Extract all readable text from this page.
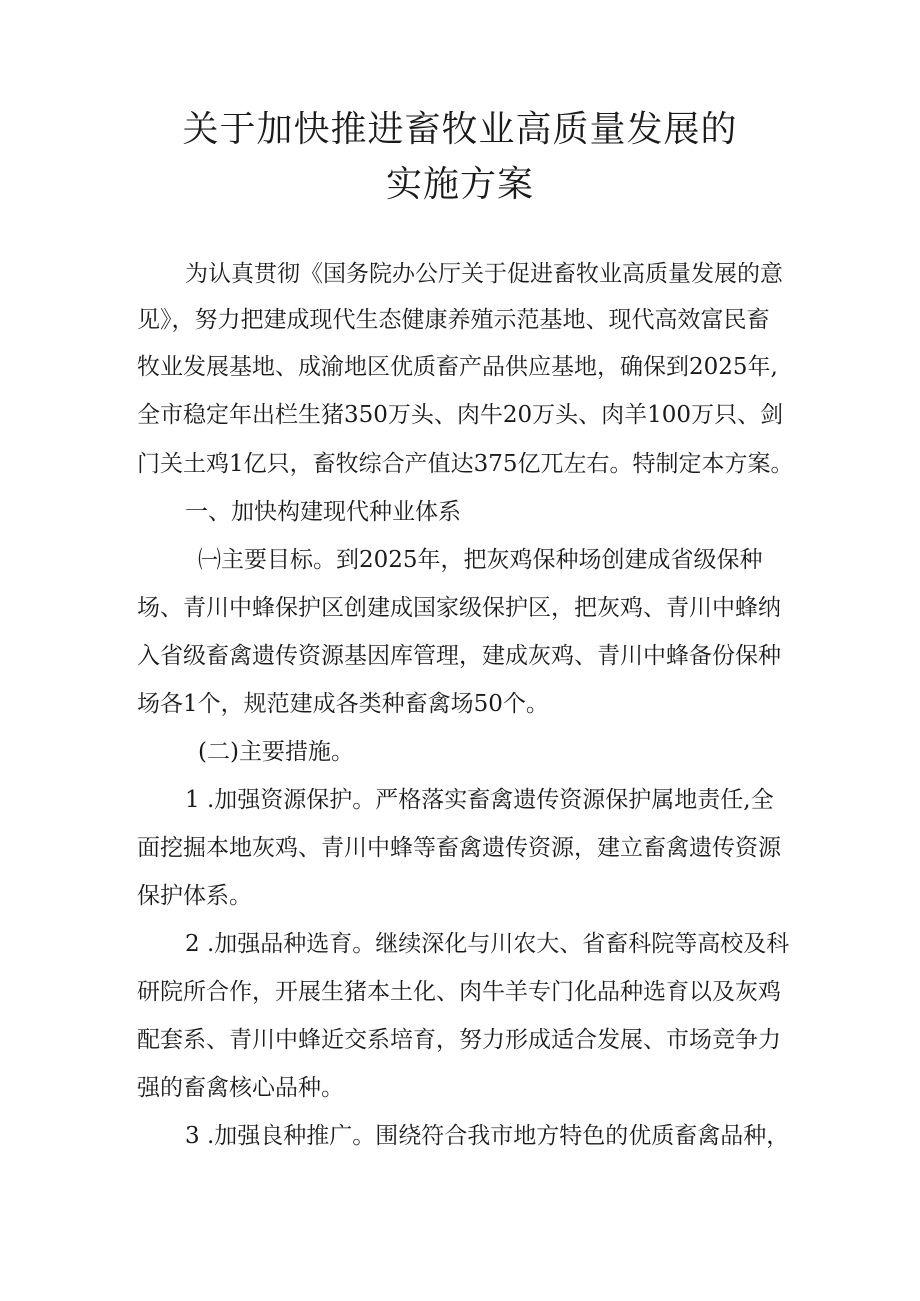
关于加快推进畜牧业高质量发展的
实施方案

为认真贯彻《国务院办公厅关于促进畜牧业高质量发展的意

见》，努力把建成现代生态健康养殖示范基地、现代高效富民畜

牧业发展基地、成渝地区优质畜产品供应基地，确保到2025年,

全市稳定年出栏生猪350万头、肉牛20万头、肉羊100万只、剑

门关土鸡1亿只，畜牧综合产值达375亿兀左右。特制定本方案。

一、加快构建现代种业体系

㈠主要目标。到2025年，把灰鸡保种场创建成省级保种

场、青川中蜂保护区创建成国家级保护区，把灰鸡、青川中蜂纳

入省级畜禽遗传资源基因库管理，建成灰鸡、青川中蜂备份保种

场各1个，规范建成各类种畜禽场50个。

(二)主要措施。

1 .加强资源保护。严格落实畜禽遗传资源保护属地责任,全

面挖掘本地灰鸡、青川中蜂等畜禽遗传资源，建立畜禽遗传资源

保护体系。

2 .加强品种选育。继续深化与川农大、省畜科院等高校及科

研院所合作，开展生猪本土化、肉牛羊专门化品种选育以及灰鸡

配套系、青川中蜂近交系培育，努力形成适合发展、市场竞争力

强的畜禽核心品种。

3 .加强良种推广。围绕符合我市地方特色的优质畜禽品种，
